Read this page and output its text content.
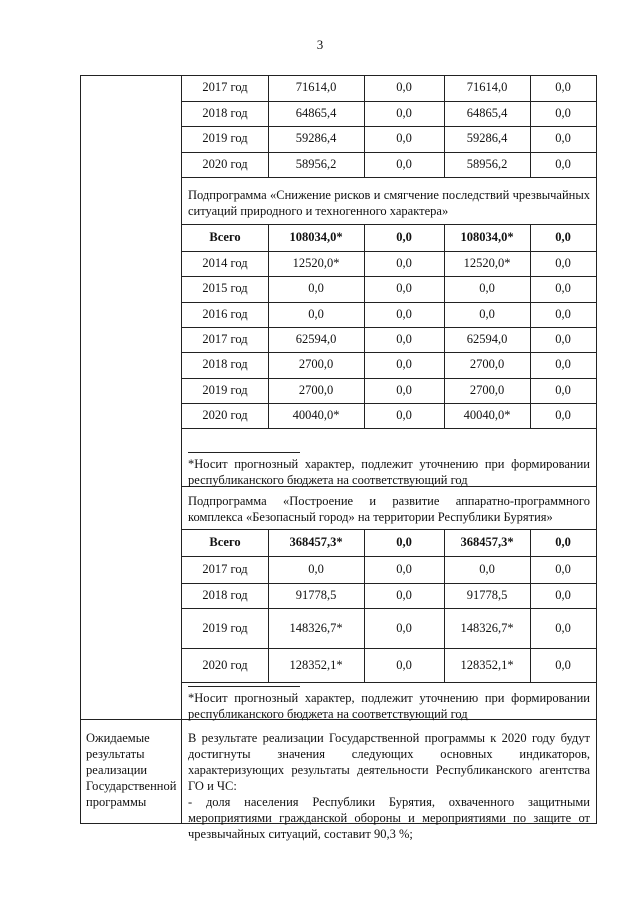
3
2017 год	71614,0	0,0	71614,0	0,0
2018 год	64865,4	0,0	64865,4	0,0
2019 год	59286,4	0,0	59286,4	0,0
2020 год	58956,2	0,0	58956,2	0,0
Всего	108034,0*	0,0	108034,0*	0,0
2014 год	12520,0*	0,0	12520,0*	0,0
2015 год	0,0	0,0	0,0	0,0
2016 год	0,0	0,0	0,0	0,0
2017 год	62594,0	0,0	62594,0	0,0
2018 год	2700,0	0,0	2700,0	0,0
2019 год	2700,0	0,0	2700,0	0,0
2020 год	40040,0*	0,0	40040,0*	0,0
Всего	368457,3*	0,0	368457,3*	0,0
2017 год	0,0	0,0	0,0	0,0
2018 год	91778,5	0,0	91778,5	0,0
2019 год	148326,7*	0,0	148326,7*	0,0
2020 год	128352,1*	0,0	128352,1*	0,0
Подпрограмма «Снижение рисков и смягчение последствий чрезвычайных ситуаций природного и техногенного характера»
*Носит прогнозный характер, подлежит уточнению при формировании республиканского бюджета на соответствующий год
Подпрограмма «Построение и развитие аппаратно-программного комплекса «Безопасный город» на территории Республики Бурятия»
*Носит прогнозный характер, подлежит уточнению при формировании республиканского бюджета на соответствующий год
Ожидаемые результаты реализации Государственной программы
В результате реализации Государственной программы к 2020 году будут достигнуты значения следующих основных индикаторов, характеризующих результаты деятельности Республиканского агентства ГО и ЧС:
- доля населения Республики Бурятия, охваченного защитными мероприятиями гражданской обороны и мероприятиями по защите от чрезвычайных ситуаций, составит 90,3 %;
